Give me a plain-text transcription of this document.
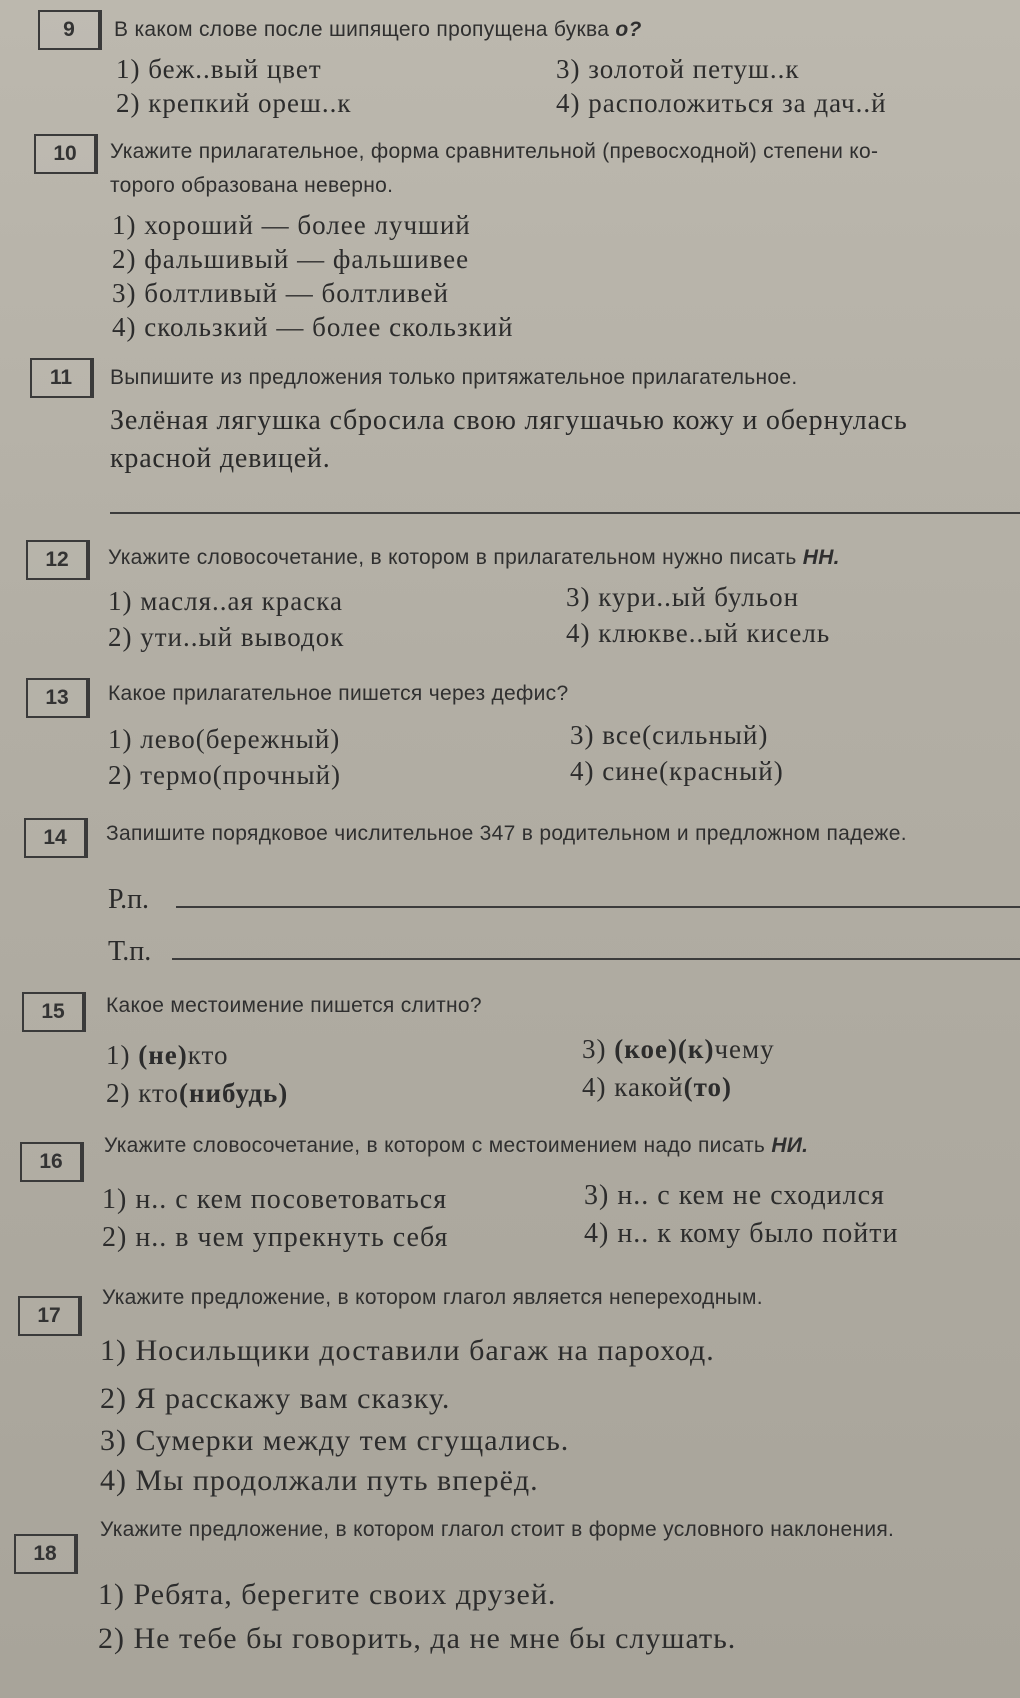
9	В каком слове после шипящего пропущена буква о?
1) беж..вый цвет
2) крепкий ореш..к
3) золотой петуш..к
4) расположиться за дач..й
10	Укажите прилагательное, форма сравнительной (превосходной) степени ко-
торого образована неверно.
1) хороший — более лучший
2) фальшивый — фальшивее
3) болтливый — болтливей
4) скользкий — более скользкий
11	Выпишите из предложения только притяжательное прилагательное.
Зелёная лягушка сбросила свою лягушачью кожу и обернулась
красной девицей.
12	Укажите словосочетание, в котором в прилагательном нужно писать НН.
1) масля..ая краска
2) ути..ый выводок
3) кури..ый бульон
4) клюкве..ый кисель
13	Какое прилагательное пишется через дефис?
1) лево(бережный)
2) термо(прочный)
3) все(сильный)
4) сине(красный)
14	Запишите порядковое числительное 347 в родительном и предложном падеже.
Р.п.
Т.п.
15	Какое местоимение пишется слитно?
1) (не)кто
2) кто(нибудь)
3) (кое)(к)чему
4) какой(то)
16
Укажите словосочетание, в котором с местоимением надо писать НИ.
1) н.. с кем посоветоваться
2) н.. в чем упрекнуть себя
3) н.. с кем не сходился
4) н.. к кому было пойти
17
Укажите предложение, в котором глагол является непереходным.
1) Носильщики доставили багаж на пароход.
2) Я расскажу вам сказку.
3) Сумерки между тем сгущались.
4) Мы продолжали путь вперёд.
18
Укажите предложение, в котором глагол стоит в форме условного наклонения.
1) Ребята, берегите своих друзей.
2) Не тебе бы говорить, да не мне бы слушать.
